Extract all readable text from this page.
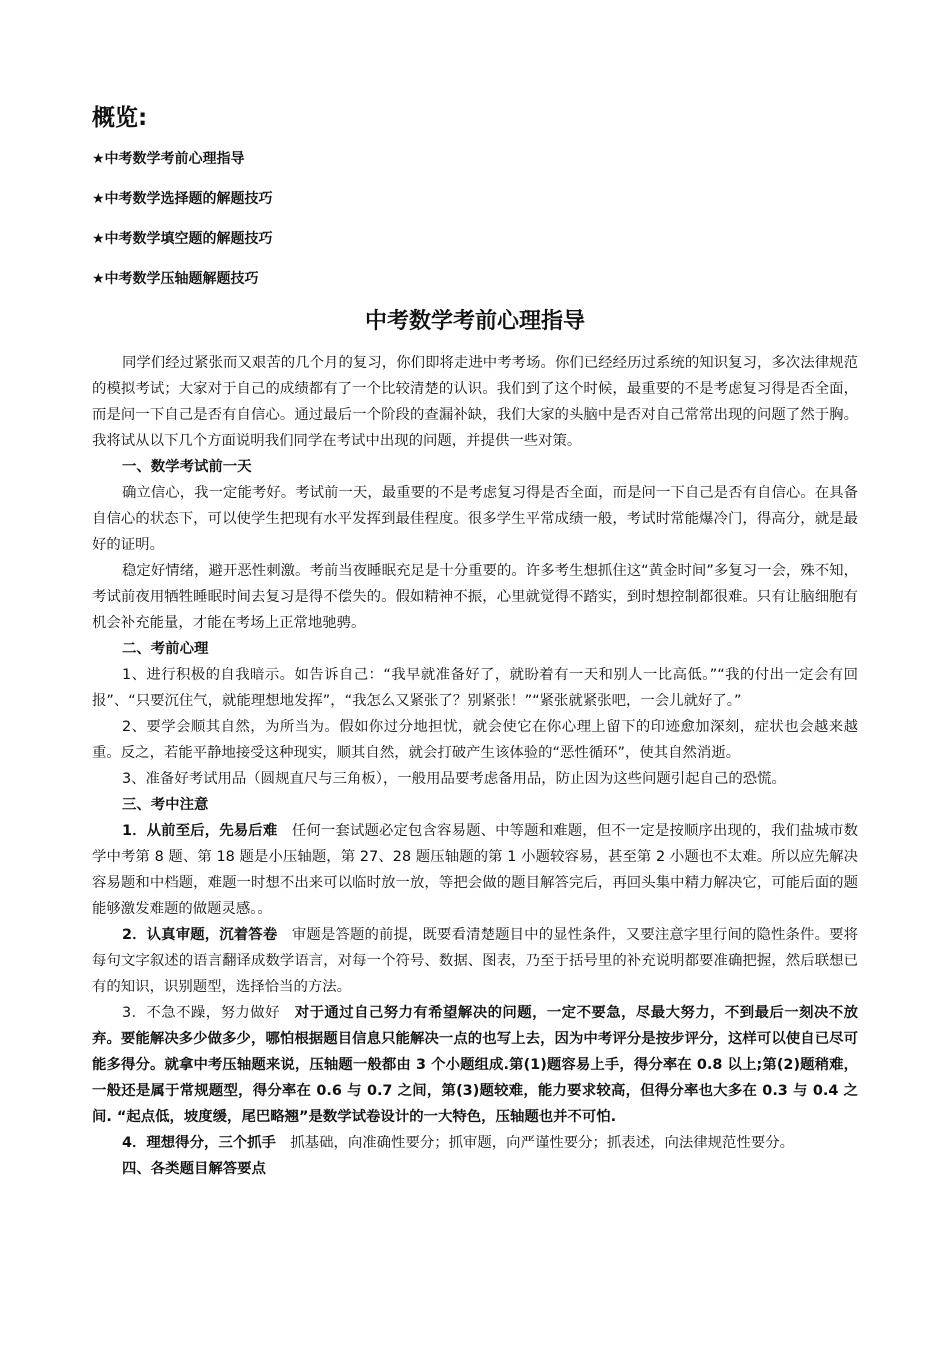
概览:

★中考数学考前心理指导

★中考数学选择题的解题技巧

★中考数学填空题的解题技巧

★中考数学压轴题解题技巧

中考数学考前心理指导

同学们经过紧张而又艰苦的几个月的复习，你们即将走进中考考场。你们已经经历过系统的知识复习，多次法律规范的模拟考试；大家对于自己的成绩都有了一个比较清楚的认识。我们到了这个时候，最重要的不是考虑复习得是否全面，而是问一下自己是否有自信心。通过最后一个阶段的查漏补缺，我们大家的头脑中是否对自己常常出现的问题了然于胸。我将试从以下几个方面说明我们同学在考试中出现的问题，并提供一些对策。

一、数学考试前一天

确立信心，我一定能考好。考试前一天，最重要的不是考虑复习得是否全面，而是问一下自己是否有自信心。在具备自信心的状态下，可以使学生把现有水平发挥到最佳程度。很多学生平常成绩一般，考试时常能爆冷门，得高分，就是最好的证明。

稳定好情绪，避开恶性刺激。考前当夜睡眠充足是十分重要的。许多考生想抓住这“黄金时间”多复习一会，殊不知，考试前夜用牺牲睡眠时间去复习是得不偿失的。假如精神不振，心里就觉得不踏实，到时想控制都很难。只有让脑细胞有机会补充能量，才能在考场上正常地驰骋。

二、考前心理

1、进行积极的自我暗示。如告诉自己：“我早就准备好了，就盼着有一天和别人一比高低。”“我的付出一定会有回报”、“只要沉住气，就能理想地发挥”，“我怎么又紧张了？别紧张！”“紧张就紧张吧，一会儿就好了。”

2、要学会顺其自然，为所当为。假如你过分地担忧，就会使它在你心理上留下的印迹愈加深刻，症状也会越来越重。反之，若能平静地接受这种现实，顺其自然，就会打破产生该体验的“恶性循环”，使其自然消逝。

3、准备好考试用品（圆规直尺与三角板），一般用品要考虑备用品，防止因为这些问题引起自己的恐慌。

三、考中注意

1．从前至后，先易后难　任何一套试题必定包含容易题、中等题和难题，但不一定是按顺序出现的，我们盐城市数学中考第 8 题、第 18 题是小压轴题，第 27、28 题压轴题的第 1 小题较容易，甚至第 2 小题也不太难。所以应先解决容易题和中档题，难题一时想不出来可以临时放一放，等把会做的题目解答完后，再回头集中精力解决它，可能后面的题能够激发难题的做题灵感。。

2．认真审题，沉着答卷　审题是答题的前提，既要看清楚题目中的显性条件，又要注意字里行间的隐性条件。要将每句文字叙述的语言翻译成数学语言，对每一个符号、数据、图表，乃至于括号里的补充说明都要准确把握，然后联想已有的知识，识别题型，选择恰当的方法。

3．不急不躁，努力做好　对于通过自己努力有希望解决的问题，一定不要急，尽最大努力，不到最后一刻决不放弃。要能解决多少做多少，哪怕根据题目信息只能解决一点的也写上去，因为中考评分是按步评分，这样可以使自已尽可能多得分。就拿中考压轴题来说，压轴题一般都由 3 个小题组成.第(1)题容易上手，得分率在 0.8 以上;第(2)题稍难，一般还是属于常规题型，得分率在 0.6 与 0.7 之间，第(3)题较难，能力要求较高，但得分率也大多在 0.3 与 0.4 之间. “起点低，坡度缓，尾巴略翘”是数学试卷设计的一大特色，压轴题也并不可怕.

4．理想得分，三个抓手　抓基础，向准确性要分；抓审题，向严谨性要分；抓表述，向法律规范性要分。

四、各类题目解答要点
